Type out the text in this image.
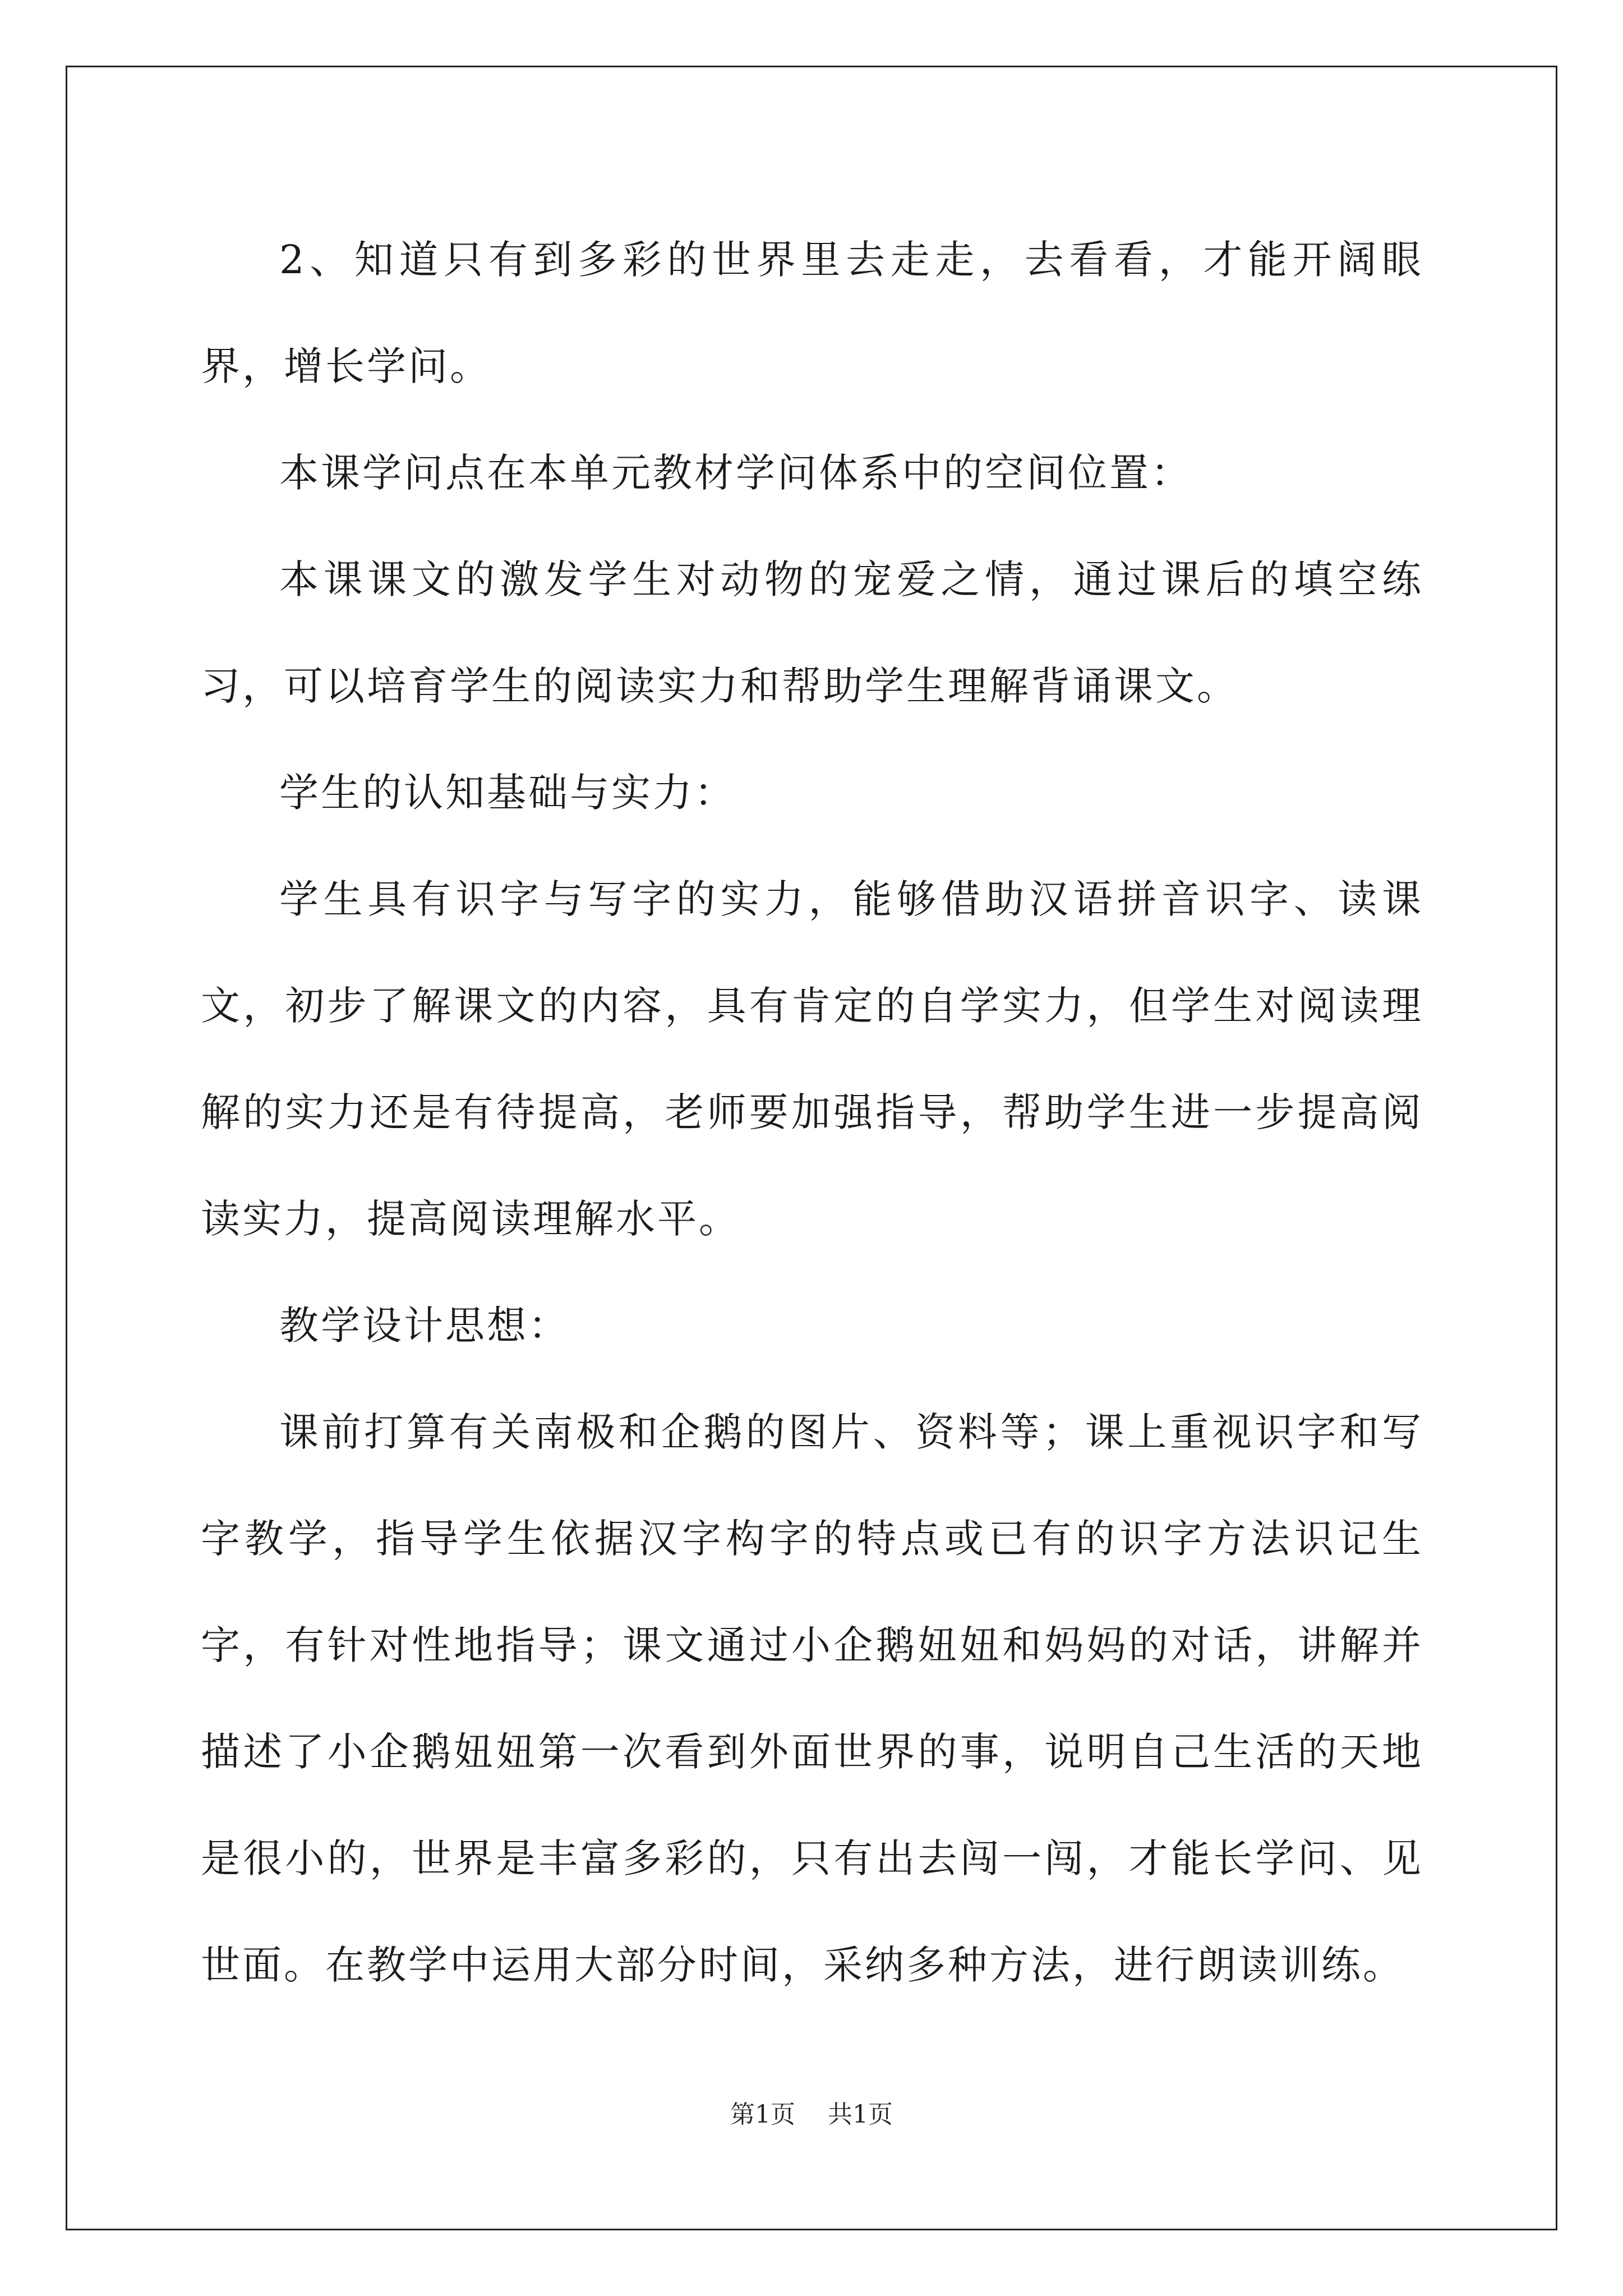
2、知道只有到多彩的世界里去走走，去看看，才能开阔眼界，增长学问。

本课学问点在本单元教材学问体系中的空间位置：

本课课文的激发学生对动物的宠爱之情，通过课后的填空练习，可以培育学生的阅读实力和帮助学生理解背诵课文。

学生的认知基础与实力：

学生具有识字与写字的实力，能够借助汉语拼音识字、读课文，初步了解课文的内容，具有肯定的自学实力，但学生对阅读理解的实力还是有待提高，老师要加强指导，帮助学生进一步提高阅读实力，提高阅读理解水平。

教学设计思想：

课前打算有关南极和企鹅的图片、资料等；课上重视识字和写字教学，指导学生依据汉字构字的特点或已有的识字方法识记生字，有针对性地指导；课文通过小企鹅妞妞和妈妈的对话，讲解并描述了小企鹅妞妞第一次看到外面世界的事，说明自己生活的天地是很小的，世界是丰富多彩的，只有出去闯一闯，才能长学问、见世面。在教学中运用大部分时间，采纳多种方法，进行朗读训练。

第1页 共1页
